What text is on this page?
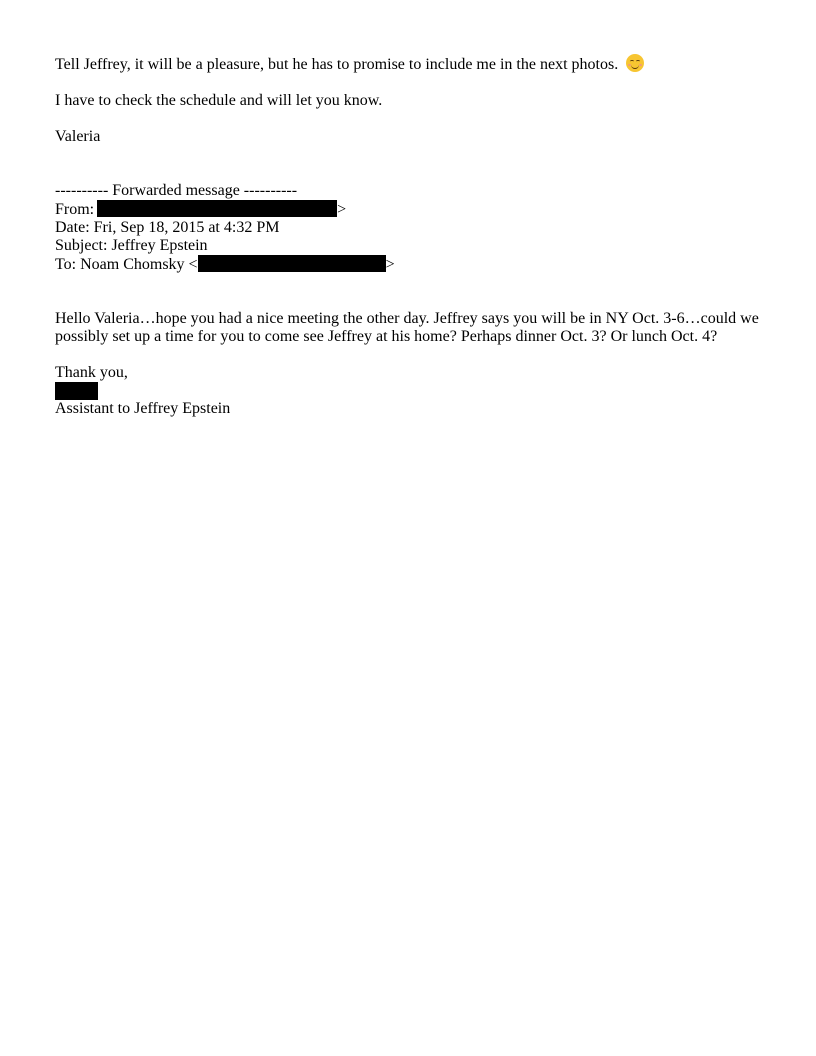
Tell Jeffrey, it will be a pleasure, but he has to promise to include me in the next photos.
I have to check the schedule and will let you know.
Valeria
---------- Forwarded message ----------
From:	>
Date: Fri, Sep 18, 2015 at 4:32 PM
Subject: Jeffrey Epstein
To: Noam Chomsky <	>
Hello Valeria…hope you had a nice meeting the other day. Jeffrey says you will be in NY Oct. 3-6…could we possibly set up a time for you to come see Jeffrey at his home? Perhaps dinner Oct. 3? Or lunch Oct. 4?
Thank you,
Assistant to Jeffrey Epstein
